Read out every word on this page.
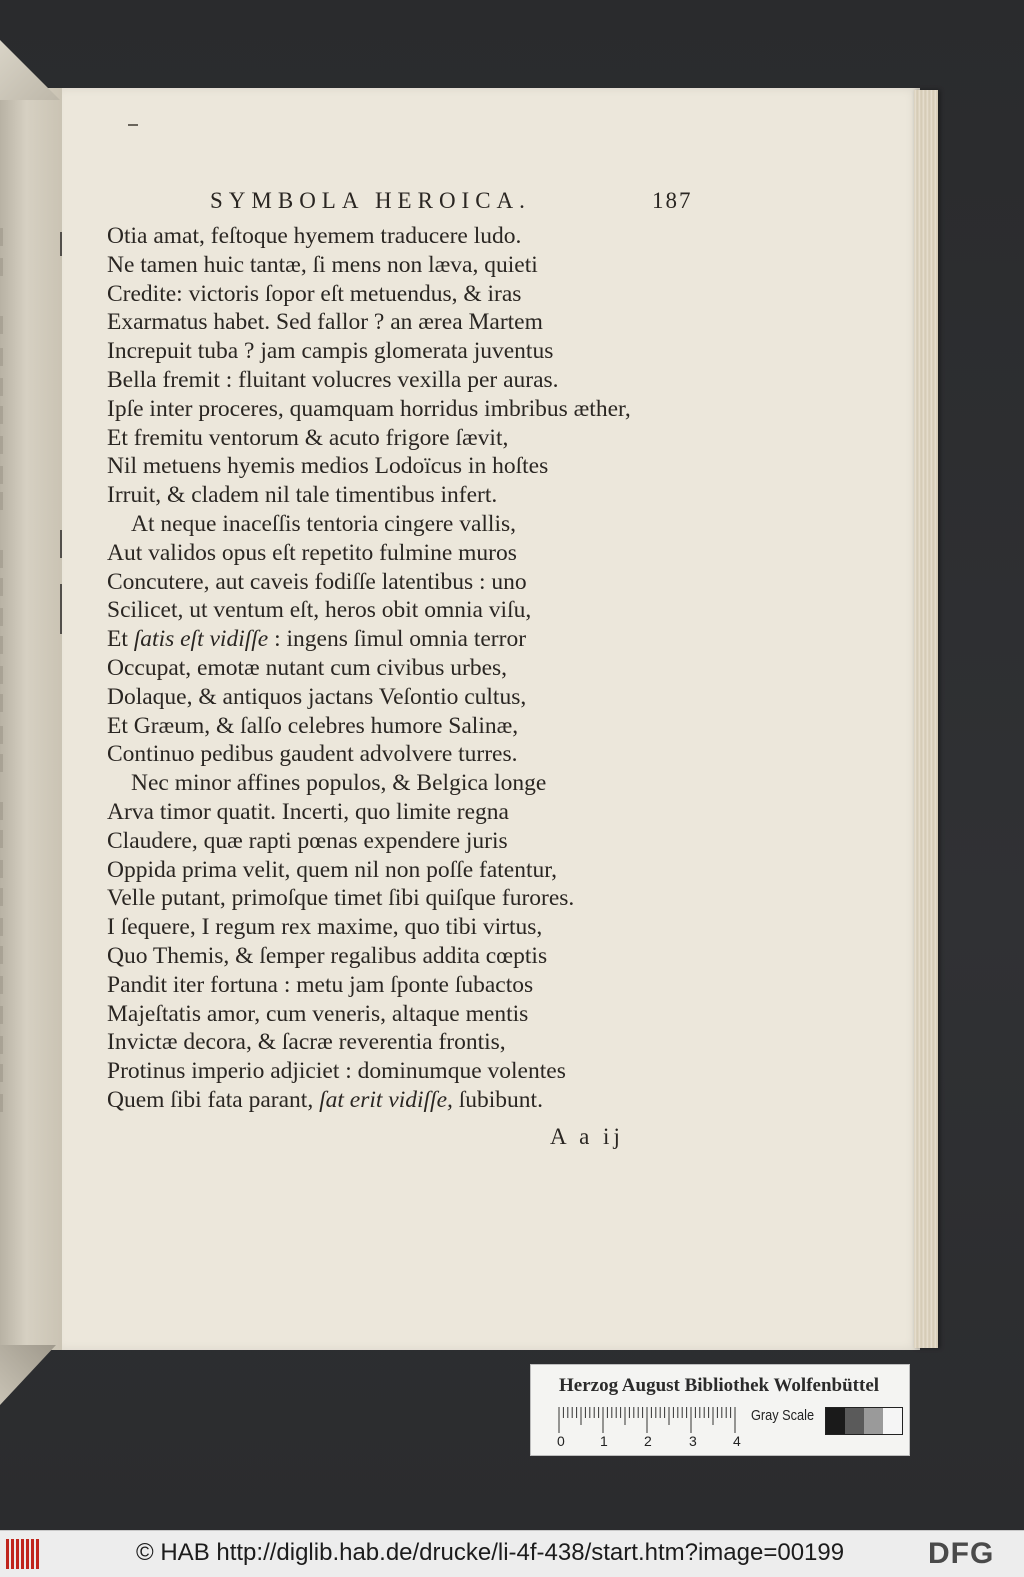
SYMBOLA HEROICA.	187
Otia amat, feſtoque hyemem traducere ludo.
Ne tamen huic tantæ, ſi mens non læva, quieti
Credite: victoris ſopor eſt metuendus, & iras
Exarmatus habet. Sed fallor ? an ærea Martem
Increpuit tuba ? jam campis glomerata juventus
Bella fremit : fluitant volucres vexilla per auras.
Ipſe inter proceres, quamquam horridus imbribus æther,
Et fremitu ventorum & acuto frigore ſævit,
Nil metuens hyemis medios Lodoïcus in hoſtes
Irruit, & cladem nil tale timentibus infert.
At neque inaceſſis tentoria cingere vallis,
Aut validos opus eſt repetito fulmine muros
Concutere, aut caveis fodiſſe latentibus : uno
Scilicet, ut ventum eſt, heros obit omnia viſu,
Et ſatis eſt vidiſſe : ingens ſimul omnia terror
Occupat, emotæ nutant cum civibus urbes,
Dolaque, & antiquos jactans Veſontio cultus,
Et Græum, & ſalſo celebres humore Salinæ,
Continuo pedibus gaudent advolvere turres.
Nec minor affines populos, & Belgica longe
Arva timor quatit. Incerti, quo limite regna
Claudere, quæ rapti pœnas expendere juris
Oppida prima velit, quem nil non poſſe fatentur,
Velle putant, primoſque timet ſibi quiſque furores.
I ſequere, I regum rex maxime, quo tibi virtus,
Quo Themis, & ſemper regalibus addita cœptis
Pandit iter fortuna : metu jam ſponte ſubactos
Majeſtatis amor, cum veneris, altaque mentis
Invictæ decora, & ſacræ reverentia frontis,
Protinus imperio adjiciet : dominumque volentes
Quem ſibi fata parant, ſat erit vidiſſe, ſubibunt.
A a ij
Herzog August Bibliothek Wolfenbüttel
0	1	2	3	4
Gray Scale
© HAB http://diglib.hab.de/drucke/li-4f-438/start.htm?image=00199	DFG
